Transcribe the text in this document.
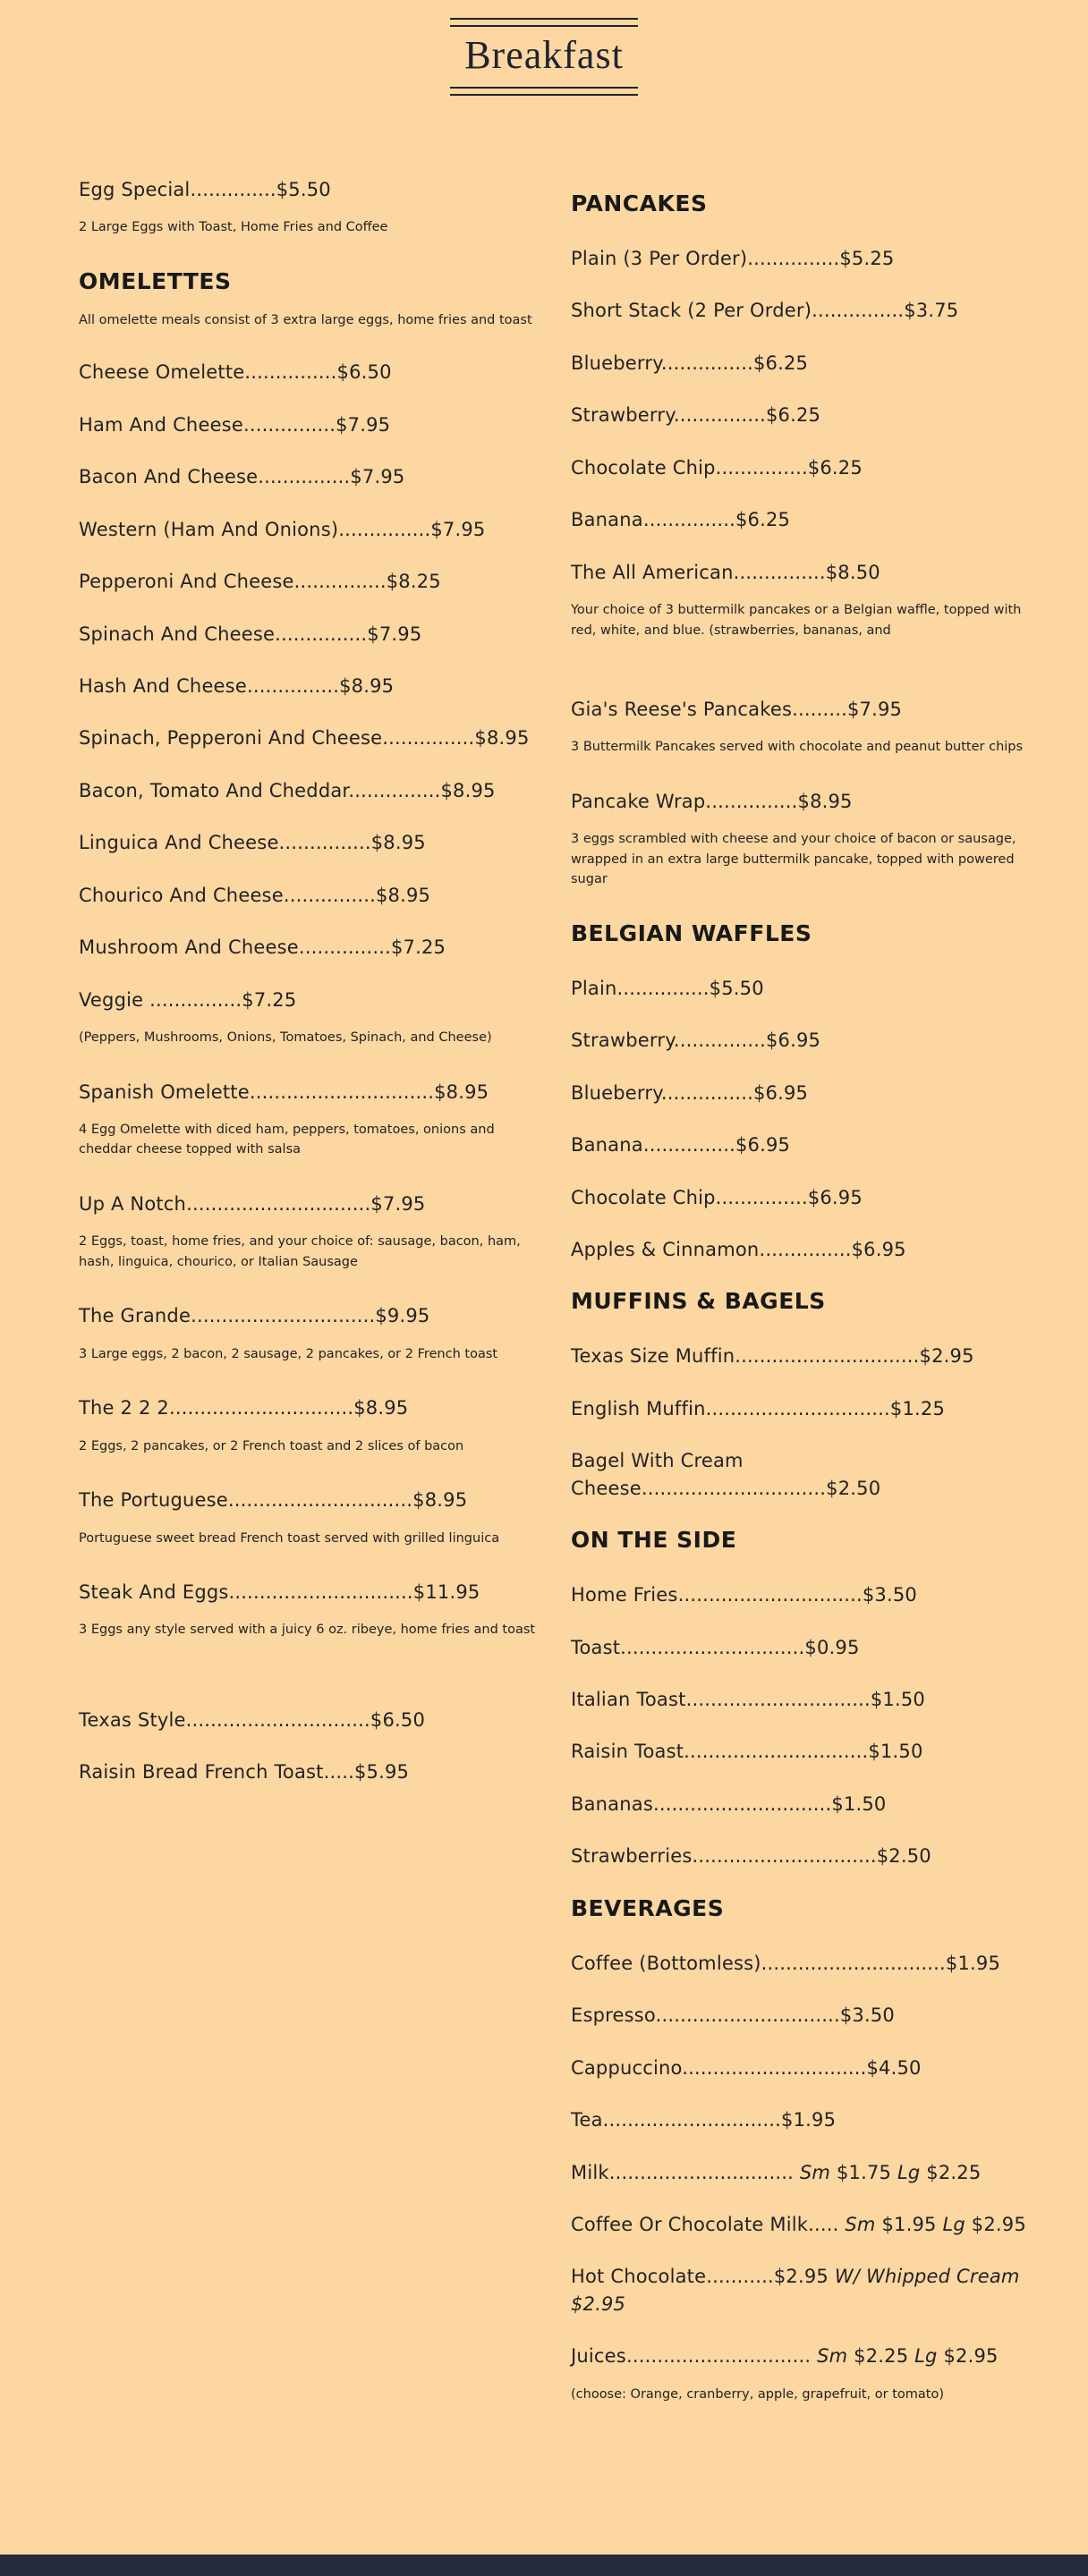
Breakfast
Egg Special..............$5.50
2 Large Eggs with Toast, Home Fries and Coffee
OMELETTES
All omelette meals consist of 3 extra large eggs, home fries and toast
Cheese Omelette...............$6.50
Ham And Cheese...............$7.95
Bacon And Cheese...............$7.95
Western (Ham And Onions)...............$7.95
Pepperoni And Cheese...............$8.25
Spinach And Cheese...............$7.95
Hash And Cheese...............$8.95
Spinach, Pepperoni And Cheese...............$8.95
Bacon, Tomato And Cheddar...............$8.95
Linguica And Cheese...............$8.95
Chourico And Cheese...............$8.95
Mushroom And Cheese...............$7.25
Veggie ...............$7.25
(Peppers, Mushrooms, Onions, Tomatoes, Spinach, and Cheese)
Spanish Omelette..............................$8.95
4 Egg Omelette with diced ham, peppers, tomatoes, onions and cheddar cheese topped with salsa
Up A Notch..............................$7.95
2 Eggs, toast, home fries, and your choice of: sausage, bacon, ham, hash, linguica, chourico, or Italian Sausage
The Grande..............................$9.95
3 Large eggs, 2 bacon, 2 sausage, 2 pancakes, or 2 French toast
The 2 2 2..............................$8.95
2 Eggs, 2 pancakes, or 2 French toast and 2 slices of bacon
The Portuguese..............................$8.95
Portuguese sweet bread French toast served with grilled linguica
Steak And Eggs..............................$11.95
3 Eggs any style served with a juicy 6 oz. ribeye, home fries and toast
Texas Style..............................$6.50
Raisin Bread French Toast.....$5.95
PANCAKES
Plain (3 Per Order)...............$5.25
Short Stack (2 Per Order)...............$3.75
Blueberry...............$6.25
Strawberry...............$6.25
Chocolate Chip...............$6.25
Banana...............$6.25
The All American...............$8.50
Your choice of 3 buttermilk pancakes or a Belgian waffle, topped with red, white, and blue. (strawberries, bananas, and
Gia's Reese's Pancakes.........$7.95
3 Buttermilk Pancakes served with chocolate and peanut butter chips
Pancake Wrap...............$8.95
3 eggs scrambled with cheese and your choice of bacon or sausage, wrapped in an extra large buttermilk pancake, topped with powered sugar
BELGIAN WAFFLES
Plain...............$5.50
Strawberry...............$6.95
Blueberry...............$6.95
Banana...............$6.95
Chocolate Chip...............$6.95
Apples & Cinnamon...............$6.95
MUFFINS & BAGELS
Texas Size Muffin..............................$2.95
English Muffin..............................$1.25
Bagel With Cream Cheese..............................$2.50
ON THE SIDE
Home Fries..............................$3.50
Toast..............................$0.95
Italian Toast..............................$1.50
Raisin Toast..............................$1.50
Bananas.............................$1.50
Strawberries..............................$2.50
BEVERAGES
Coffee (Bottomless)..............................$1.95
Espresso..............................$3.50
Cappuccino..............................$4.50
Tea.............................$1.95
Milk.............................. Sm $1.75 Lg $2.25
Coffee Or Chocolate Milk..... Sm $1.95 Lg $2.95
Hot Chocolate...........$2.95 W/ Whipped Cream $2.95
Juices.............................. Sm $2.25 Lg $2.95
(choose: Orange, cranberry, apple, grapefruit, or tomato)
